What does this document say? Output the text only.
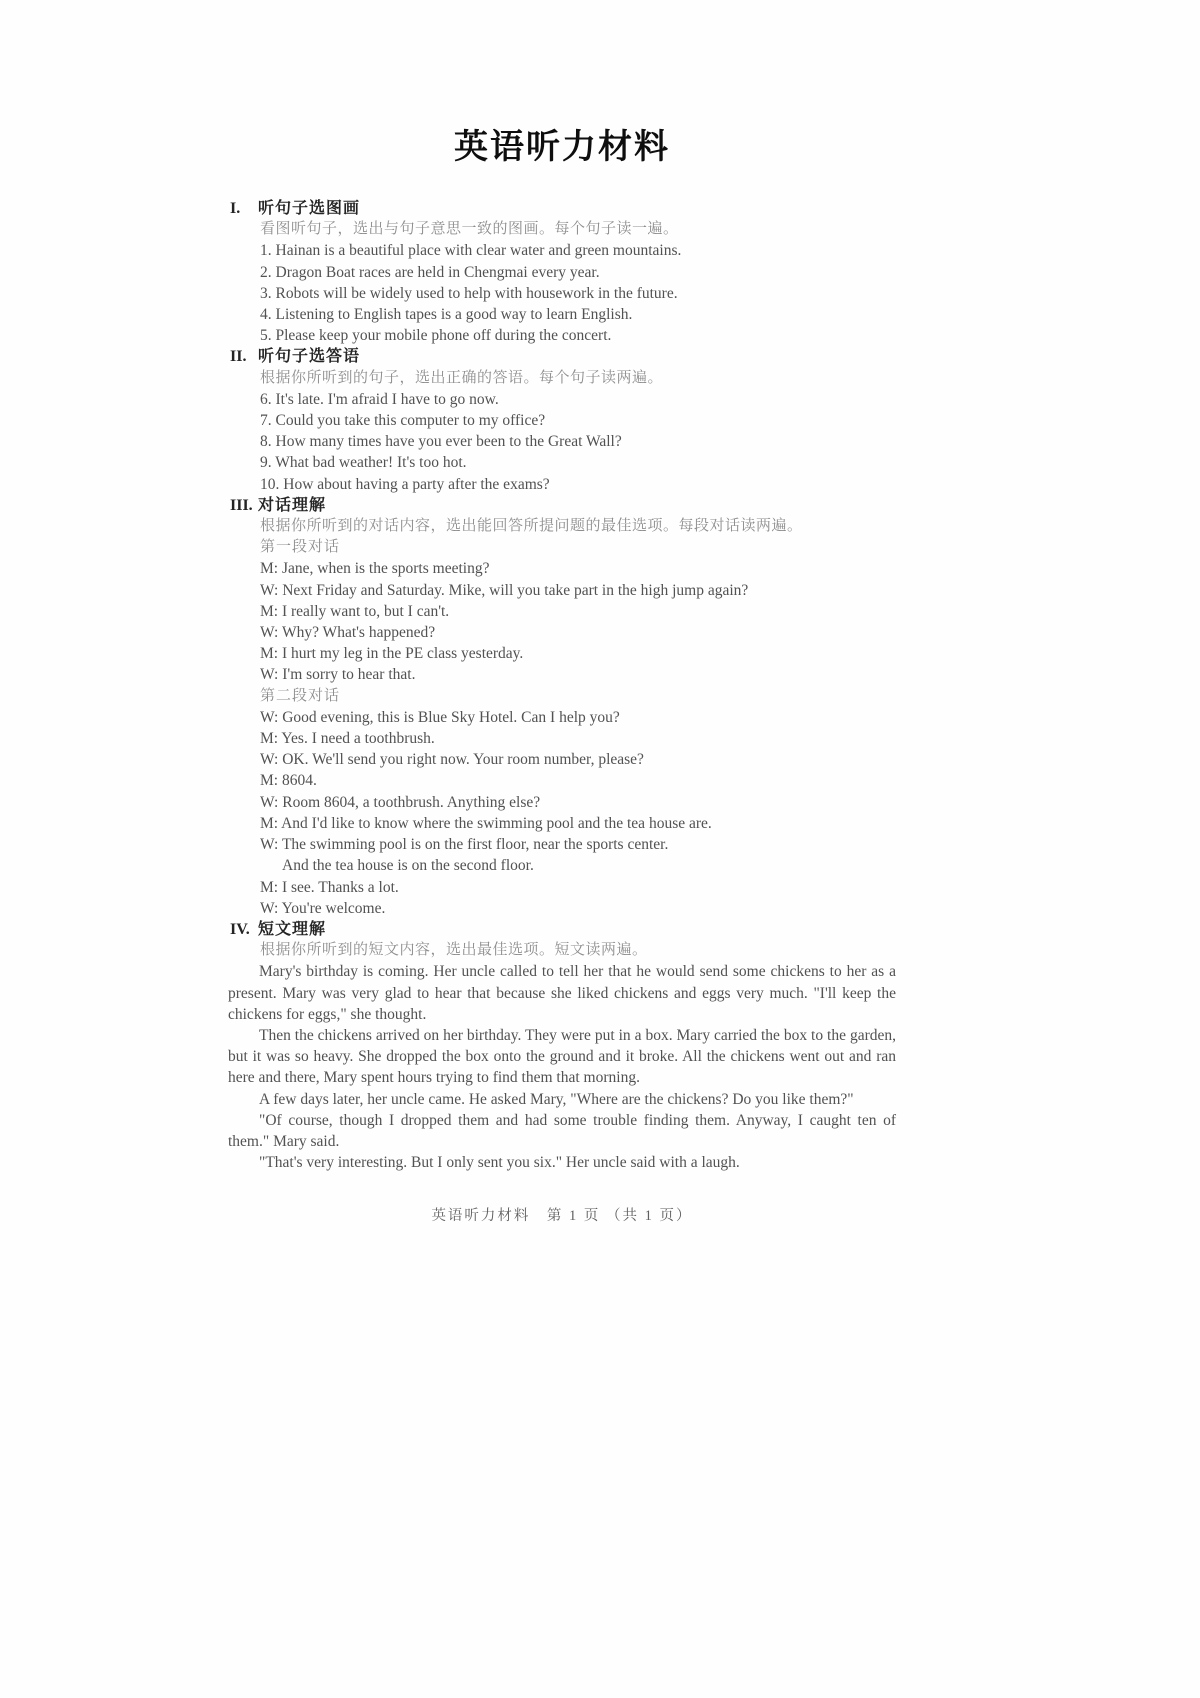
英语听力材料
I. 听句子选图画
看图听句子，选出与句子意思一致的图画。每个句子读一遍。
1. Hainan is a beautiful place with clear water and green mountains.
2. Dragon Boat races are held in Chengmai every year.
3. Robots will be widely used to help with housework in the future.
4. Listening to English tapes is a good way to learn English.
5. Please keep your mobile phone off during the concert.
II. 听句子选答语
根据你所听到的句子，选出正确的答语。每个句子读两遍。
6. It's late. I'm afraid I have to go now.
7. Could you take this computer to my office?
8. How many times have you ever been to the Great Wall?
9. What bad weather! It's too hot.
10. How about having a party after the exams?
III. 对话理解
根据你所听到的对话内容，选出能回答所提问题的最佳选项。每段对话读两遍。
第一段对话
M: Jane, when is the sports meeting?
W: Next Friday and Saturday. Mike, will you take part in the high jump again?
M: I really want to, but I can't.
W: Why? What's happened?
M: I hurt my leg in the PE class yesterday.
W: I'm sorry to hear that.
第二段对话
W: Good evening, this is Blue Sky Hotel. Can I help you?
M: Yes. I need a toothbrush.
W: OK. We'll send you right now. Your room number, please?
M: 8604.
W: Room 8604, a toothbrush. Anything else?
M: And I'd like to know where the swimming pool and the tea house are.
W: The swimming pool is on the first floor, near the sports center.
And the tea house is on the second floor.
M: I see. Thanks a lot.
W: You're welcome.
IV. 短文理解
根据你所听到的短文内容，选出最佳选项。短文读两遍。

Mary's birthday is coming. Her uncle called to tell her that he would send some chickens to her as a present. Mary was very glad to hear that because she liked chickens and eggs very much. "I'll keep the chickens for eggs," she thought.

Then the chickens arrived on her birthday. They were put in a box. Mary carried the box to the garden, but it was so heavy. She dropped the box onto the ground and it broke. All the chickens went out and ran here and there, Mary spent hours trying to find them that morning.

A few days later, her uncle came. He asked Mary, "Where are the chickens? Do you like them?"

"Of course, though I dropped them and had some trouble finding them. Anyway, I caught ten of them." Mary said.

"That's very interesting. But I only sent you six." Her uncle said with a laugh.

英语听力材料　第 1 页 （共 1 页）
